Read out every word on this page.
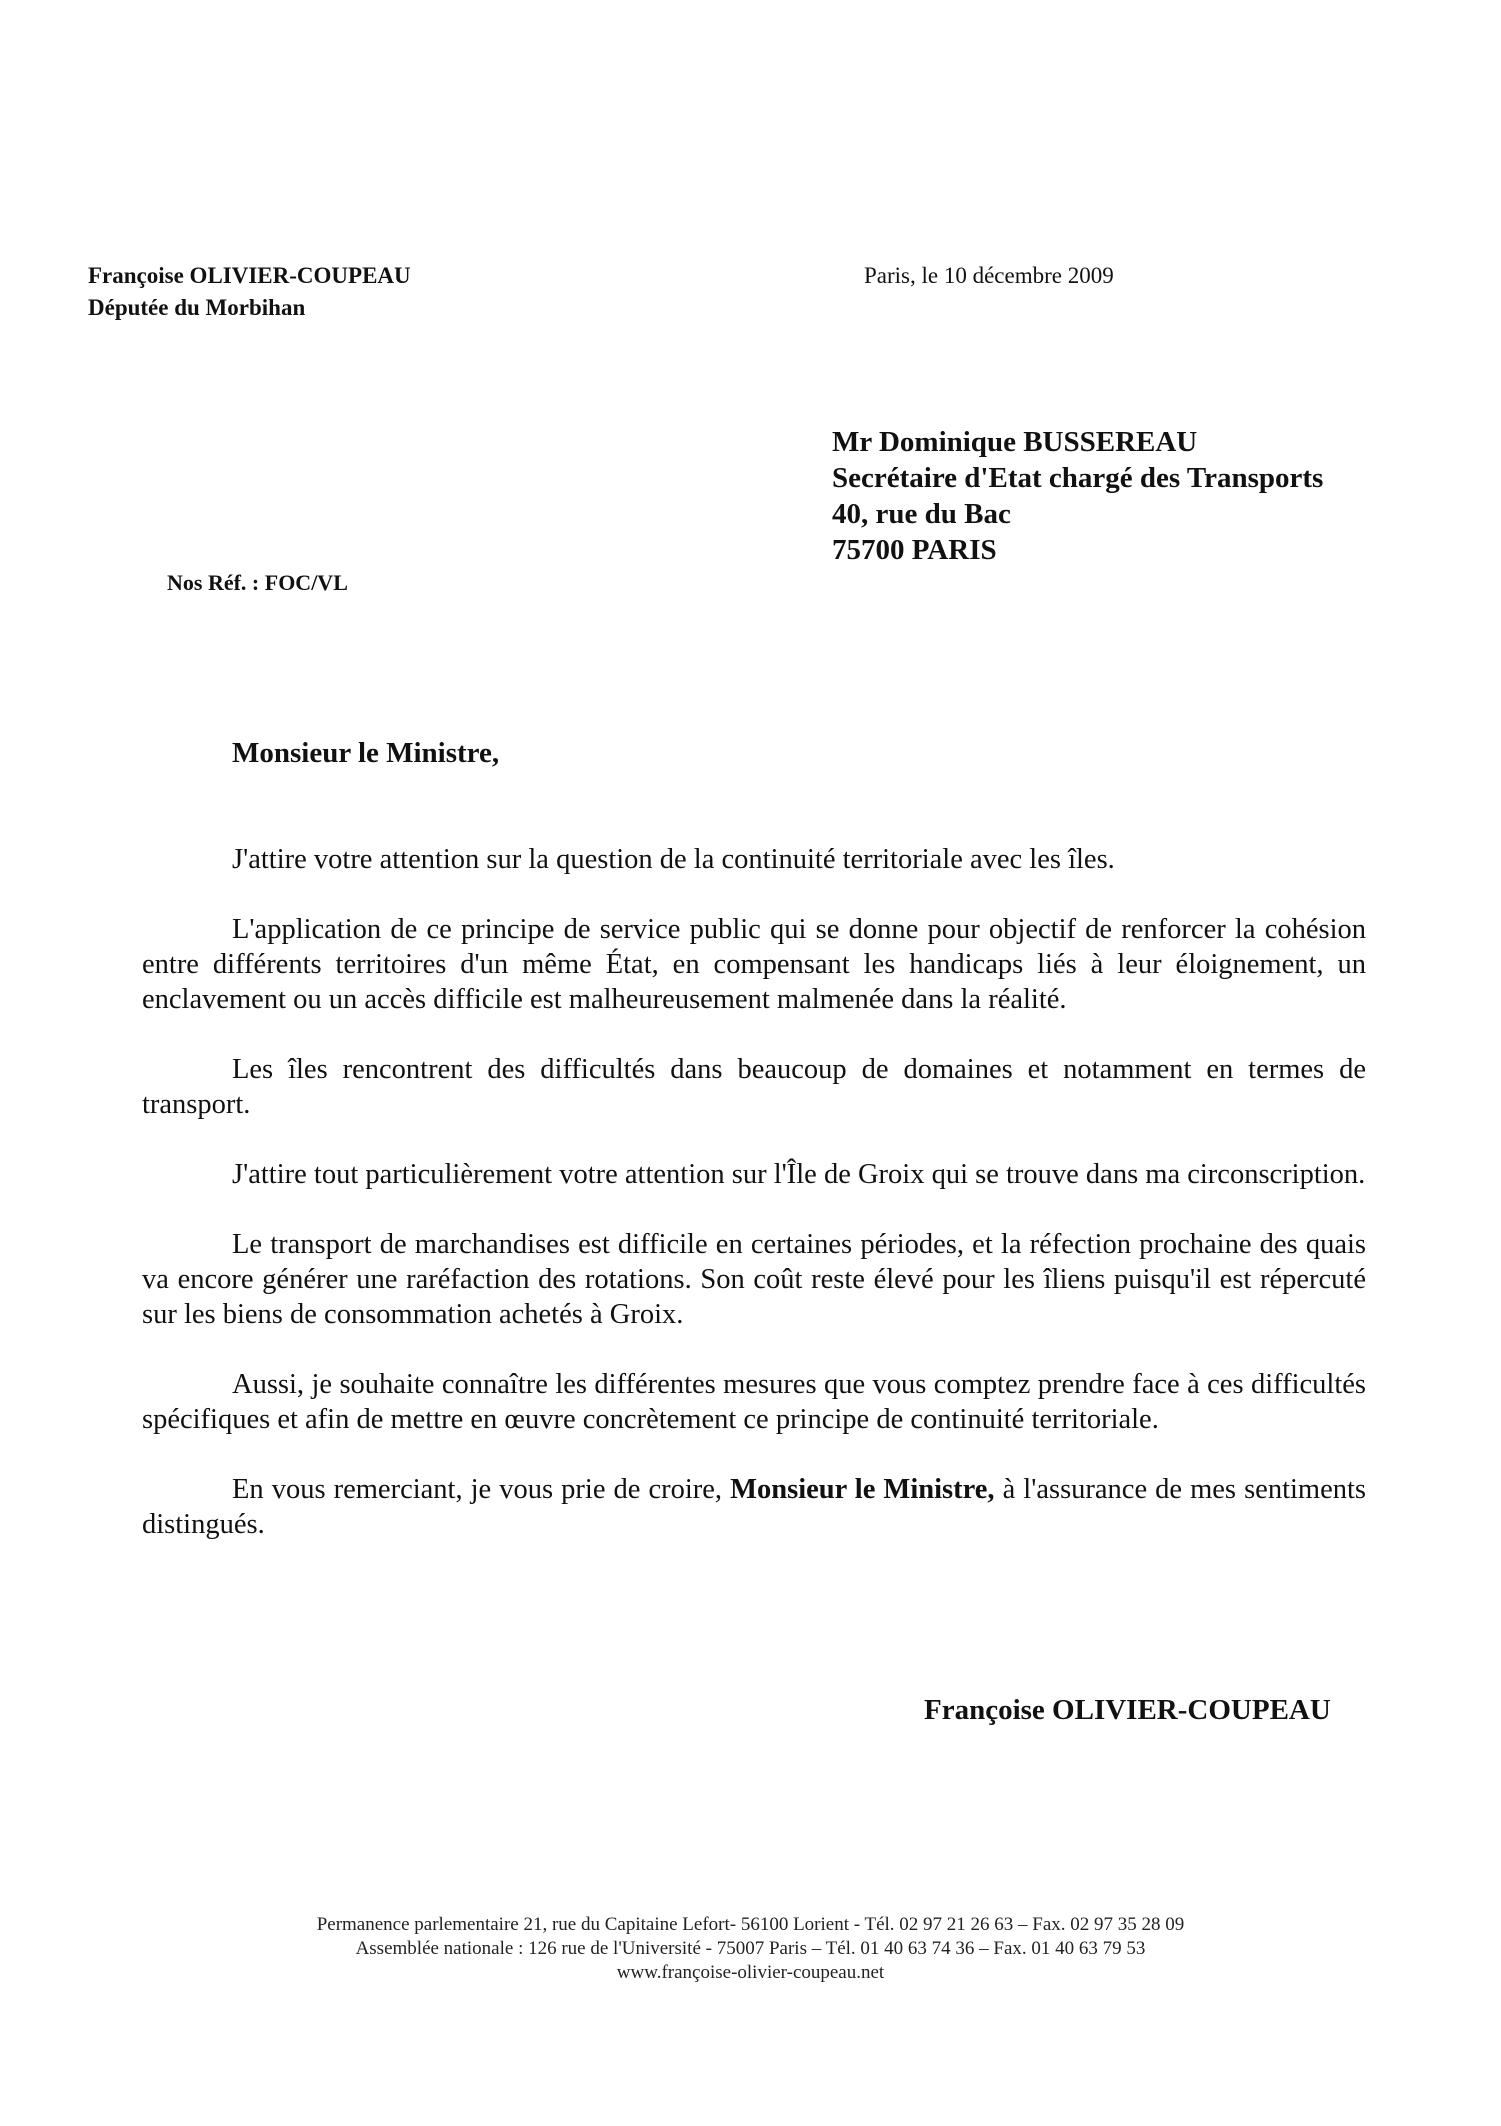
Françoise OLIVIER-COUPEAU
Députée du Morbihan
Paris, le 10 décembre 2009
Mr Dominique BUSSEREAU
Secrétaire d'Etat chargé des Transports
40, rue du Bac
75700 PARIS
Nos Réf. : FOC/VL
Monsieur le Ministre,

J'attire votre attention sur la question de la continuité territoriale avec les îles.

L'application de ce principe de service public qui se donne pour objectif de renforcer la cohésion entre différents territoires d'un même État, en compensant les handicaps liés à leur éloignement, un enclavement ou un accès difficile est malheureusement malmenée dans la réalité.

Les îles rencontrent des difficultés dans beaucoup de domaines et notamment en termes de transport.

J'attire tout particulièrement votre attention sur l'Île de Groix qui se trouve dans ma circonscription.

Le transport de marchandises est difficile en certaines périodes, et la réfection prochaine des quais va encore générer une raréfaction des rotations. Son coût reste élevé pour les îliens puisqu'il est répercuté sur les biens de consommation achetés à Groix.

Aussi, je souhaite connaître les différentes mesures que vous comptez prendre face à ces difficultés spécifiques et afin de mettre en œuvre concrètement ce principe de continuité territoriale.

En vous remerciant, je vous prie de croire, Monsieur le Ministre, à l'assurance de mes sentiments distingués.

Françoise OLIVIER-COUPEAU
Permanence parlementaire 21, rue du Capitaine Lefort- 56100 Lorient - Tél. 02 97 21 26 63 – Fax. 02 97 35 28 09
Assemblée nationale : 126 rue de l'Université - 75007 Paris – Tél. 01 40 63 74 36 – Fax. 01 40 63 79 53
www.françoise-olivier-coupeau.net
